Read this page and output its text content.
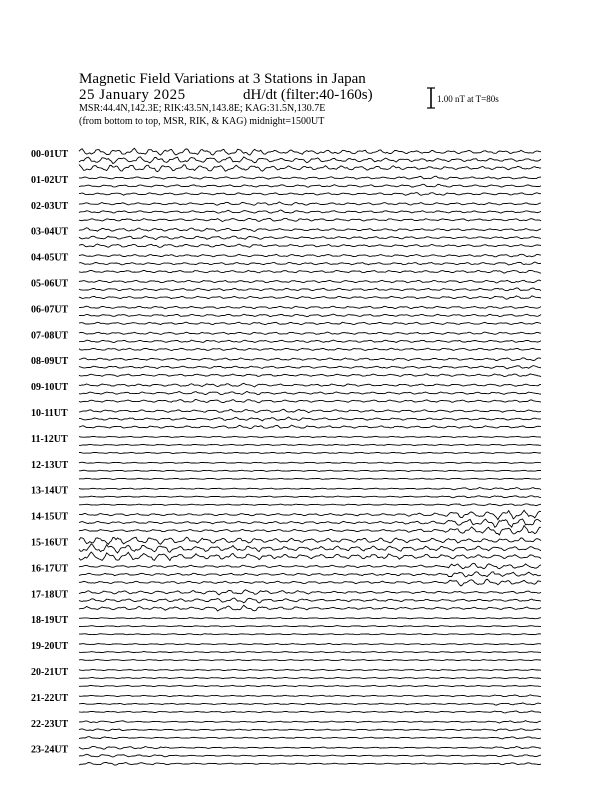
Magnetic Field Variations at 3 Stations in Japan
25 January 2025	dH/dt (filter:40-160s)
MSR:44.4N,142.3E; RIK:43.5N,143.8E; KAG:31.5N,130.7E
(from bottom to top, MSR, RIK, & KAG) midnight=1500UT
1.00 nT at T=80s
00-01UT
01-02UT
02-03UT
03-04UT
04-05UT
05-06UT
06-07UT
07-08UT
08-09UT
09-10UT
10-11UT
11-12UT
12-13UT
13-14UT
14-15UT
15-16UT
16-17UT
17-18UT
18-19UT
19-20UT
20-21UT
21-22UT
22-23UT
23-24UT
